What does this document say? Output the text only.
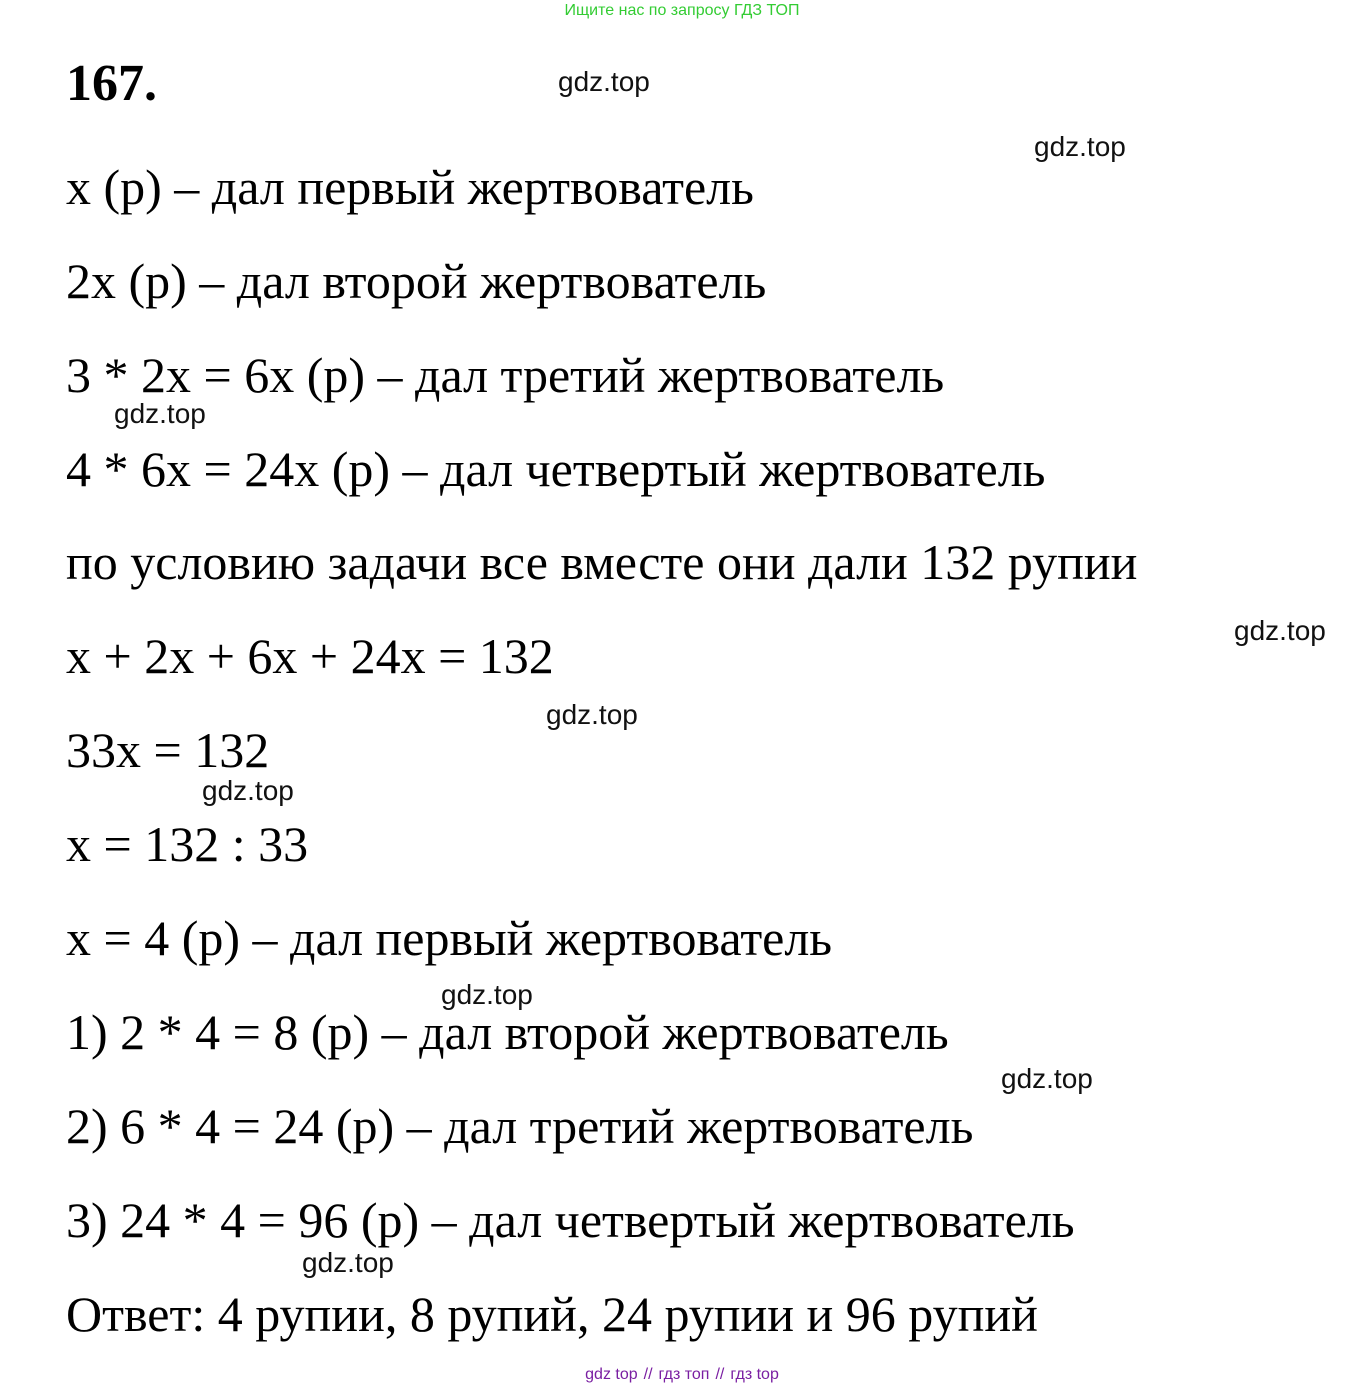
Ищите нас по запросу ГДЗ ТОП
167.
x (р) – дал первый жертвователь
2x (р) – дал второй жертвователь
3 * 2x = 6x (р) – дал третий жертвователь
4 * 6x = 24x (р) – дал четвертый жертвователь
по условию задачи все вместе они дали 132 рупии
x + 2x + 6x + 24x = 132
33x = 132
x = 132 : 33
x = 4 (р) – дал первый жертвователь
1) 2 * 4 = 8 (р) – дал второй жертвователь
2) 6 * 4 = 24 (р) – дал третий жертвователь
3) 24 * 4 = 96 (р) – дал четвертый жертвователь
Ответ: 4 рупии, 8 рупий, 24 рупии и 96 рупий
gdz.top
gdz.top
gdz.top
gdz.top
gdz.top
gdz.top
gdz.top
gdz.top
gdz.top
gdz top // гдз топ // гдз top
